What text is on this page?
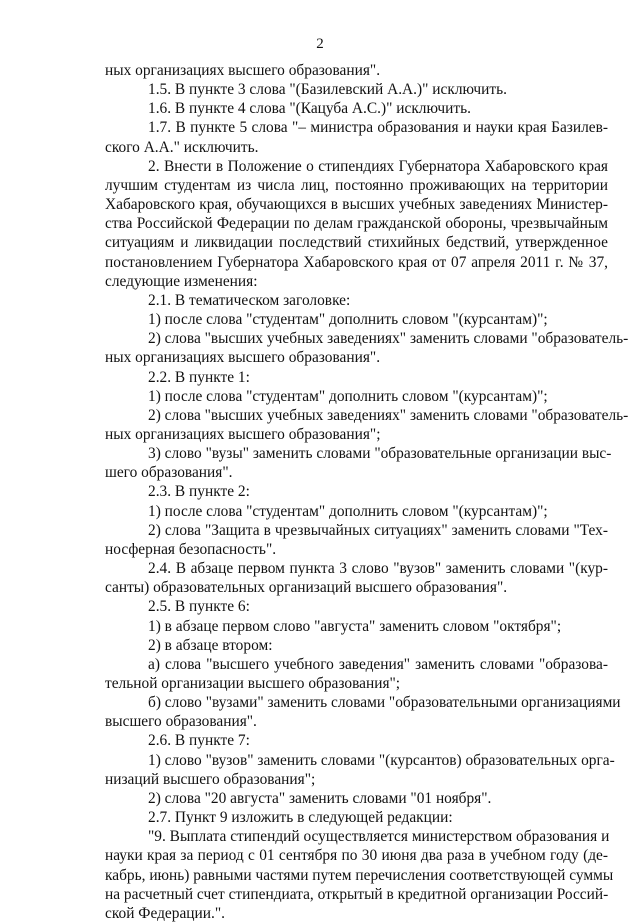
2
ных организациях высшего образования".
1.5. В пункте 3 слова "(Базилевский А.А.)" исключить.
1.6. В пункте 4 слова "(Кацуба А.С.)" исключить.
1.7. В пункте 5 слова "– министра образования и науки края Базилев-
ского А.А." исключить.
2. Внести в Положение о стипендиях Губернатора Хабаровского края
лучшим студентам из числа лиц, постоянно проживающих на территории
Хабаровского края, обучающихся в высших учебных заведениях Министер-
ства Российской Федерации по делам гражданской обороны, чрезвычайным
ситуациям и ликвидации последствий стихийных бедствий, утвержденное
постановлением Губернатора Хабаровского края от 07 апреля 2011 г. № 37,
следующие изменения:
2.1. В тематическом заголовке:
1) после слова "студентам" дополнить словом "(курсантам)";
2) слова "высших учебных заведениях" заменить словами "образователь-
ных организациях высшего образования".
2.2. В пункте 1:
1) после слова "студентам" дополнить словом "(курсантам)";
2) слова "высших учебных заведениях" заменить словами "образователь-
ных организациях высшего образования";
3) слово "вузы" заменить словами "образовательные организации выс-
шего образования".
2.3. В пункте 2:
1) после слова "студентам" дополнить словом "(курсантам)";
2) слова "Защита в чрезвычайных ситуациях" заменить словами "Тех-
носферная безопасность".
2.4. В абзаце первом пункта 3 слово "вузов" заменить словами "(кур-
санты) образовательных организаций высшего образования".
2.5. В пункте 6:
1) в абзаце первом слово "августа" заменить словом "октября";
2) в абзаце втором:
а) слова "высшего учебного заведения" заменить словами "образова-
тельной организации высшего образования";
б) слово "вузами" заменить словами "образовательными организациями
высшего образования".
2.6. В пункте 7:
1) слово "вузов" заменить словами "(курсантов) образовательных орга-
низаций высшего образования";
2) слова "20 августа" заменить словами "01 ноября".
2.7. Пункт 9 изложить в следующей редакции:
"9. Выплата стипендий осуществляется министерством образования и
науки края за период с 01 сентября по 30 июня два раза в учебном году (де-
кабрь, июнь) равными частями путем перечисления соответствующей суммы
на расчетный счет стипендиата, открытый в кредитной организации Россий-
ской Федерации.".
